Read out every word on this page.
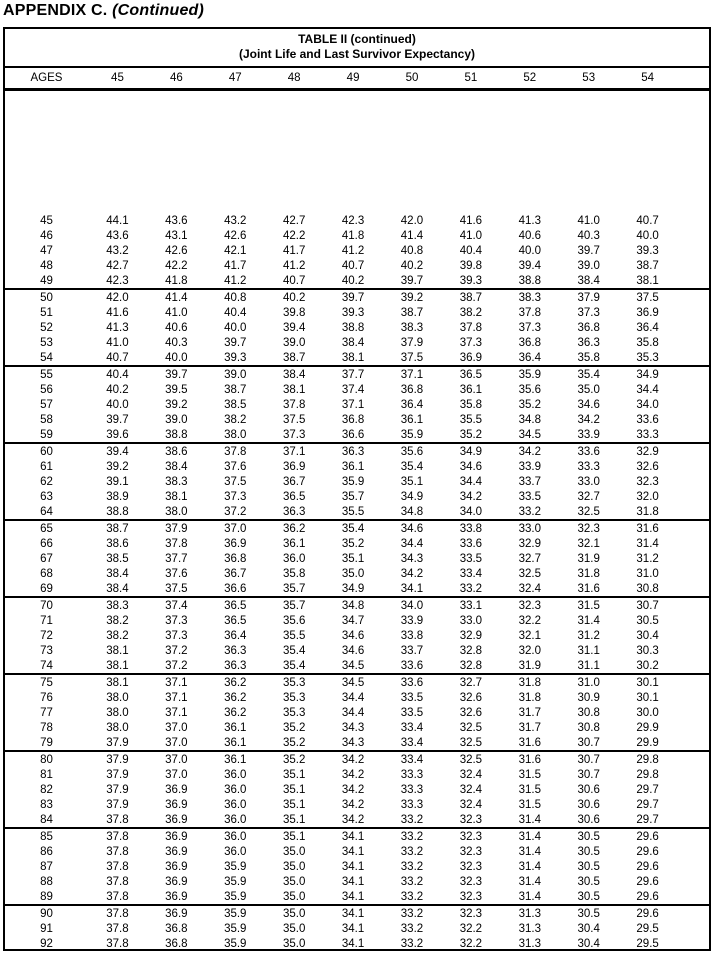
APPENDIX C. (Continued)
TABLE II (continued)
(Joint Life and Last Survivor Expectancy)
AGES	45	46	47	48	49	50	51	52	53	54
45	44.1	43.6	43.2	42.7	42.3	42.0	41.6	41.3	41.0	40.7
46	43.6	43.1	42.6	42.2	41.8	41.4	41.0	40.6	40.3	40.0
47	43.2	42.6	42.1	41.7	41.2	40.8	40.4	40.0	39.7	39.3
48	42.7	42.2	41.7	41.2	40.7	40.2	39.8	39.4	39.0	38.7
49	42.3	41.8	41.2	40.7	40.2	39.7	39.3	38.8	38.4	38.1
50	42.0	41.4	40.8	40.2	39.7	39.2	38.7	38.3	37.9	37.5
51	41.6	41.0	40.4	39.8	39.3	38.7	38.2	37.8	37.3	36.9
52	41.3	40.6	40.0	39.4	38.8	38.3	37.8	37.3	36.8	36.4
53	41.0	40.3	39.7	39.0	38.4	37.9	37.3	36.8	36.3	35.8
54	40.7	40.0	39.3	38.7	38.1	37.5	36.9	36.4	35.8	35.3
55	40.4	39.7	39.0	38.4	37.7	37.1	36.5	35.9	35.4	34.9
56	40.2	39.5	38.7	38.1	37.4	36.8	36.1	35.6	35.0	34.4
57	40.0	39.2	38.5	37.8	37.1	36.4	35.8	35.2	34.6	34.0
58	39.7	39.0	38.2	37.5	36.8	36.1	35.5	34.8	34.2	33.6
59	39.6	38.8	38.0	37.3	36.6	35.9	35.2	34.5	33.9	33.3
60	39.4	38.6	37.8	37.1	36.3	35.6	34.9	34.2	33.6	32.9
61	39.2	38.4	37.6	36.9	36.1	35.4	34.6	33.9	33.3	32.6
62	39.1	38.3	37.5	36.7	35.9	35.1	34.4	33.7	33.0	32.3
63	38.9	38.1	37.3	36.5	35.7	34.9	34.2	33.5	32.7	32.0
64	38.8	38.0	37.2	36.3	35.5	34.8	34.0	33.2	32.5	31.8
65	38.7	37.9	37.0	36.2	35.4	34.6	33.8	33.0	32.3	31.6
66	38.6	37.8	36.9	36.1	35.2	34.4	33.6	32.9	32.1	31.4
67	38.5	37.7	36.8	36.0	35.1	34.3	33.5	32.7	31.9	31.2
68	38.4	37.6	36.7	35.8	35.0	34.2	33.4	32.5	31.8	31.0
69	38.4	37.5	36.6	35.7	34.9	34.1	33.2	32.4	31.6	30.8
70	38.3	37.4	36.5	35.7	34.8	34.0	33.1	32.3	31.5	30.7
71	38.2	37.3	36.5	35.6	34.7	33.9	33.0	32.2	31.4	30.5
72	38.2	37.3	36.4	35.5	34.6	33.8	32.9	32.1	31.2	30.4
73	38.1	37.2	36.3	35.4	34.6	33.7	32.8	32.0	31.1	30.3
74	38.1	37.2	36.3	35.4	34.5	33.6	32.8	31.9	31.1	30.2
75	38.1	37.1	36.2	35.3	34.5	33.6	32.7	31.8	31.0	30.1
76	38.0	37.1	36.2	35.3	34.4	33.5	32.6	31.8	30.9	30.1
77	38.0	37.1	36.2	35.3	34.4	33.5	32.6	31.7	30.8	30.0
78	38.0	37.0	36.1	35.2	34.3	33.4	32.5	31.7	30.8	29.9
79	37.9	37.0	36.1	35.2	34.3	33.4	32.5	31.6	30.7	29.9
80	37.9	37.0	36.1	35.2	34.2	33.4	32.5	31.6	30.7	29.8
81	37.9	37.0	36.0	35.1	34.2	33.3	32.4	31.5	30.7	29.8
82	37.9	36.9	36.0	35.1	34.2	33.3	32.4	31.5	30.6	29.7
83	37.9	36.9	36.0	35.1	34.2	33.3	32.4	31.5	30.6	29.7
84	37.8	36.9	36.0	35.1	34.2	33.2	32.3	31.4	30.6	29.7
85	37.8	36.9	36.0	35.1	34.1	33.2	32.3	31.4	30.5	29.6
86	37.8	36.9	36.0	35.0	34.1	33.2	32.3	31.4	30.5	29.6
87	37.8	36.9	35.9	35.0	34.1	33.2	32.3	31.4	30.5	29.6
88	37.8	36.9	35.9	35.0	34.1	33.2	32.3	31.4	30.5	29.6
89	37.8	36.9	35.9	35.0	34.1	33.2	32.3	31.4	30.5	29.6
90	37.8	36.9	35.9	35.0	34.1	33.2	32.3	31.3	30.5	29.6
91	37.8	36.8	35.9	35.0	34.1	33.2	32.2	31.3	30.4	29.5
92	37.8	36.8	35.9	35.0	34.1	33.2	32.2	31.3	30.4	29.5
